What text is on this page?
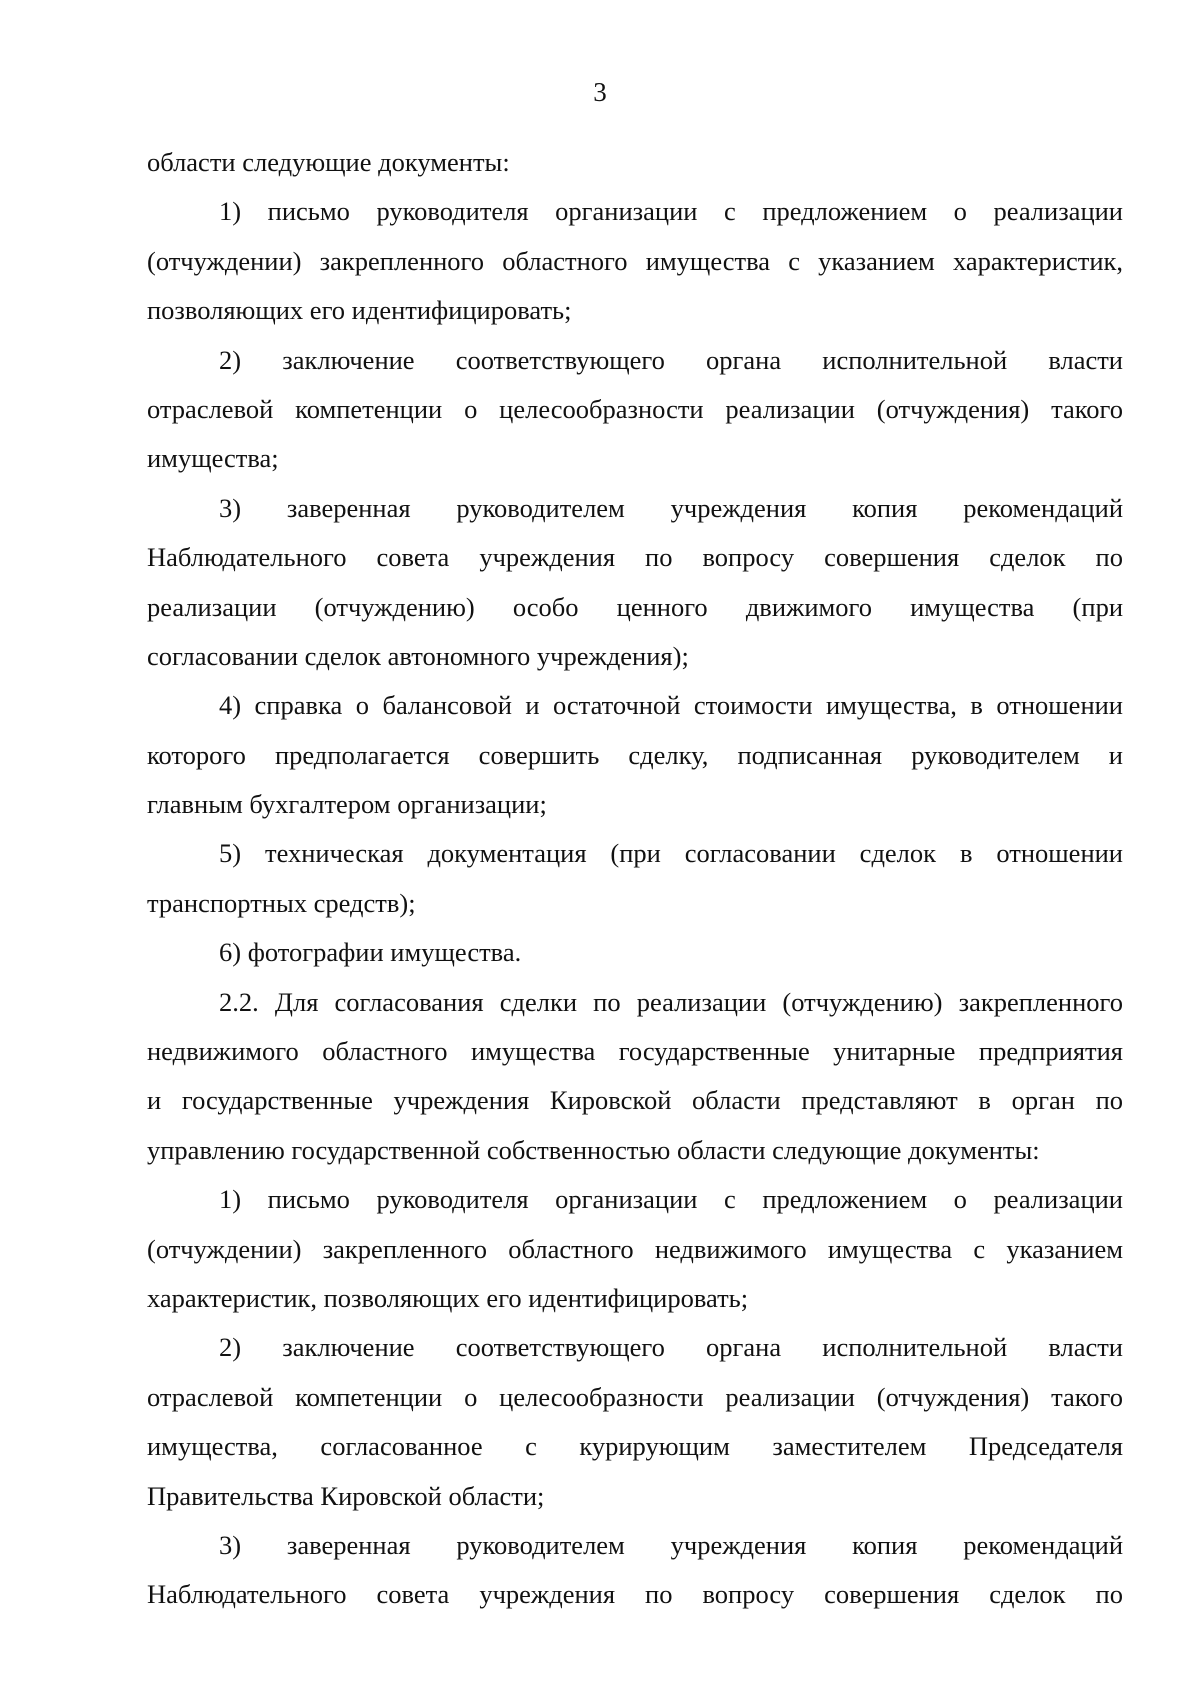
3
области следующие документы:
1) письмо руководителя организации с предложением о реализации
(отчуждении) закрепленного областного имущества с указанием характеристик,
позволяющих его идентифицировать;
2) заключение соответствующего органа исполнительной власти
отраслевой компетенции о целесообразности реализации (отчуждения) такого
имущества;
3) заверенная руководителем учреждения копия рекомендаций
Наблюдательного совета учреждения по вопросу совершения сделок по
реализации (отчуждению) особо ценного движимого имущества (при
согласовании сделок автономного учреждения);
4) справка о балансовой и остаточной стоимости имущества, в отношении
которого предполагается совершить сделку, подписанная руководителем и
главным бухгалтером организации;
5) техническая документация (при согласовании сделок в отношении
транспортных средств);
6) фотографии имущества.
2.2. Для согласования сделки по реализации (отчуждению) закрепленного
недвижимого областного имущества государственные унитарные предприятия
и государственные учреждения Кировской области представляют в орган по
управлению государственной собственностью области следующие документы:
1) письмо руководителя организации с предложением о реализации
(отчуждении) закрепленного областного недвижимого имущества с указанием
характеристик, позволяющих его идентифицировать;
2) заключение соответствующего органа исполнительной власти
отраслевой компетенции о целесообразности реализации (отчуждения) такого
имущества, согласованное с курирующим заместителем Председателя
Правительства Кировской области;
3) заверенная руководителем учреждения копия рекомендаций
Наблюдательного совета учреждения по вопросу совершения сделок по
